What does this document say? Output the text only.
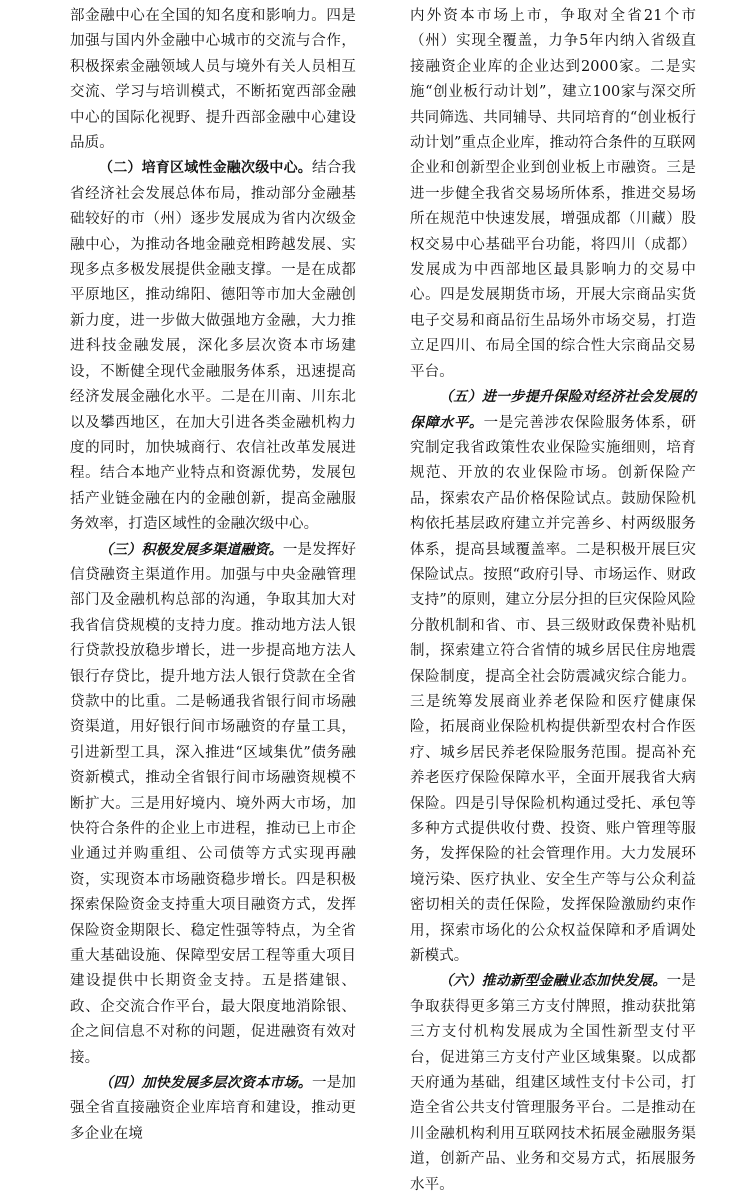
部金融中心在全国的知名度和影响力。四是加强与国内外金融中心城市的交流与合作，积极探索金融领域人员与境外有关人员相互交流、学习与培训模式，不断拓宽西部金融中心的国际化视野、提升西部金融中心建设品质。

（二）培育区域性金融次级中心。结合我省经济社会发展总体布局，推动部分金融基础较好的市（州）逐步发展成为省内次级金融中心，为推动各地金融竞相跨越发展、实现多点多极发展提供金融支撑。一是在成都平原地区，推动绵阳、德阳等市加大金融创新力度，进一步做大做强地方金融，大力推进科技金融发展，深化多层次资本市场建设，不断健全现代金融服务体系，迅速提高经济发展金融化水平。二是在川南、川东北以及攀西地区，在加大引进各类金融机构力度的同时，加快城商行、农信社改革发展进程。结合本地产业特点和资源优势，发展包括产业链金融在内的金融创新，提高金融服务效率，打造区域性的金融次级中心。

（三）积极发展多渠道融资。一是发挥好信贷融资主渠道作用。加强与中央金融管理部门及金融机构总部的沟通，争取其加大对我省信贷规模的支持力度。推动地方法人银行贷款投放稳步增长，进一步提高地方法人银行存贷比，提升地方法人银行贷款在全省贷款中的比重。二是畅通我省银行间市场融资渠道，用好银行间市场融资的存量工具，引进新型工具，深入推进“区域集优”债务融资新模式，推动全省银行间市场融资规模不断扩大。三是用好境内、境外两大市场，加快符合条件的企业上市进程，推动已上市企业通过并购重组、公司债等方式实现再融资，实现资本市场融资稳步增长。四是积极探索保险资金支持重大项目融资方式，发挥保险资金期限长、稳定性强等特点，为全省重大基础设施、保障型安居工程等重大项目建设提供中长期资金支持。五是搭建银、政、企交流合作平台，最大限度地消除银、企之间信息不对称的问题，促进融资有效对接。

（四）加快发展多层次资本市场。一是加强全省直接融资企业库培育和建设，推动更多企业在境

内外资本市场上市，争取对全省21个市（州）实现全覆盖，力争5年内纳入省级直接融资企业库的企业达到2000家。二是实施“创业板行动计划”，建立100家与深交所共同筛选、共同辅导、共同培育的“创业板行动计划”重点企业库，推动符合条件的互联网企业和创新型企业到创业板上市融资。三是进一步健全我省交易场所体系，推进交易场所在规范中快速发展，增强成都（川藏）股权交易中心基础平台功能，将四川（成都）发展成为中西部地区最具影响力的交易中心。四是发展期货市场，开展大宗商品实货电子交易和商品衍生品场外市场交易，打造立足四川、布局全国的综合性大宗商品交易平台。

（五）进一步提升保险对经济社会发展的保障水平。一是完善涉农保险服务体系，研究制定我省政策性农业保险实施细则，培育规范、开放的农业保险市场。创新保险产品，探索农产品价格保险试点。鼓励保险机构依托基层政府建立并完善乡、村两级服务体系，提高县域覆盖率。二是积极开展巨灾保险试点。按照“政府引导、市场运作、财政支持”的原则，建立分层分担的巨灾保险风险分散机制和省、市、县三级财政保费补贴机制，探索建立符合省情的城乡居民住房地震保险制度，提高全社会防震减灾综合能力。三是统筹发展商业养老保险和医疗健康保险，拓展商业保险机构提供新型农村合作医疗、城乡居民养老保险服务范围。提高补充养老医疗保险保障水平，全面开展我省大病保险。四是引导保险机构通过受托、承包等多种方式提供收付费、投资、账户管理等服务，发挥保险的社会管理作用。大力发展环境污染、医疗执业、安全生产等与公众利益密切相关的责任保险，发挥保险激励约束作用，探索市场化的公众权益保障和矛盾调处新模式。

（六）推动新型金融业态加快发展。一是争取获得更多第三方支付牌照，推动获批第三方支付机构发展成为全国性新型支付平台，促进第三方支付产业区域集聚。以成都天府通为基础，组建区域性支付卡公司，打造全省公共支付管理服务平台。二是推动在川金融机构利用互联网技术拓展金融服务渠道，创新产品、业务和交易方式，拓展服务水平。
